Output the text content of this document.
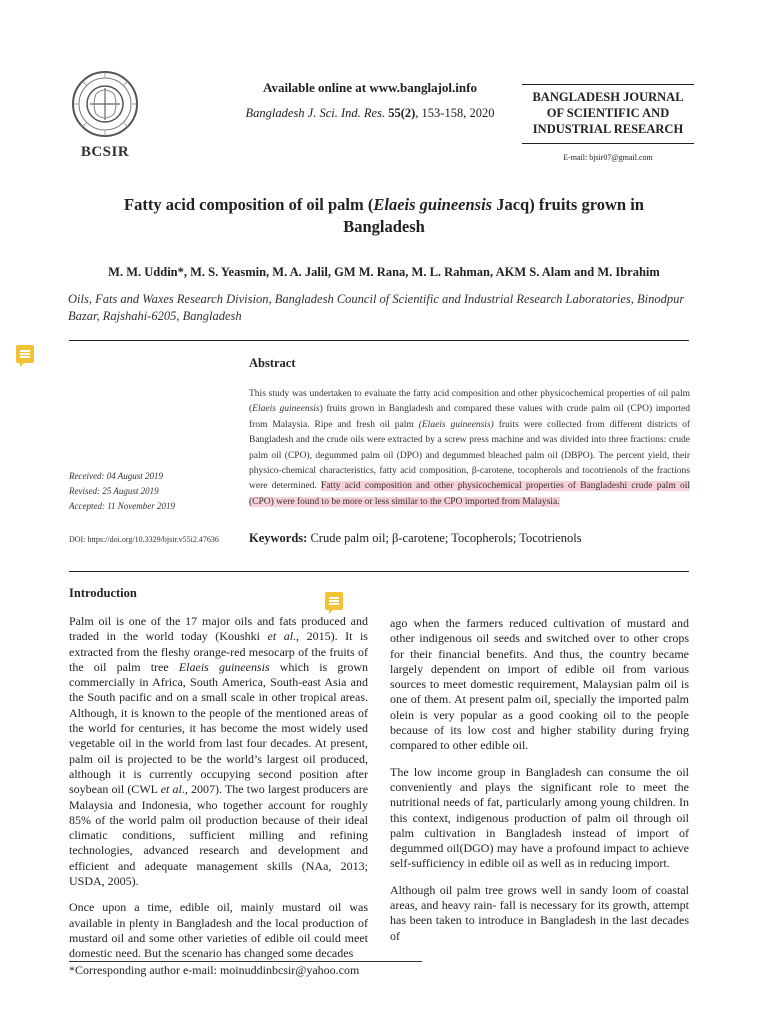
BCSIR
Available online at www.banglajol.info
Bangladesh J. Sci. Ind. Res. 55(2), 153-158, 2020
BANGLADESH JOURNAL
OF SCIENTIFIC AND
INDUSTRIAL RESEARCH
E-mail: bjsir07@gmail.com
Fatty acid composition of oil palm (Elaeis guineensis Jacq) fruits grown in
Bangladesh
M. M. Uddin*, M. S. Yeasmin, M. A. Jalil, GM M. Rana, M. L. Rahman, AKM S. Alam and M. Ibrahim
Oils, Fats and Waxes Research Division, Bangladesh Council of Scientific and Industrial Research Laboratories, Binodpur Bazar, Rajshahi-6205, Bangladesh
Abstract
This study was undertaken to evaluate the fatty acid composition and other physicochemical properties of oil palm (Elaeis guineensis) fruits grown in Bangladesh and compared these values with crude palm oil (CPO) imported from Malaysia. Ripe and fresh oil palm (Elaeis guineensis) fruits were collected from different districts of Bangladesh and the crude oils were extracted by a screw press machine and was divided into three fractions: crude palm oil (CPO), degummed palm oil (DPO) and degummed bleached palm oil (DBPO). The percent yield, their physico-chemical characteristics, fatty acid composition, β-carotene, tocopherols and tocotrienols of the fractions were determined. Fatty acid composition and other physicochemical properties of Bangladeshi crude palm oil (CPO) were found to be more or less similar to the CPO imported from Malaysia.
Received: 04 August 2019
Revised: 25 August 2019
Accepted: 11 November 2019
DOI: https://doi.org/10.3329/bjsir.v55i2.47636 Keywords: Crude palm oil; β-carotene; Tocopherols; Tocotrienols
Introduction

Palm oil is one of the 17 major oils and fats produced and traded in the world today (Koushki et al., 2015). It is extracted from the fleshy orange-red mesocarp of the fruits of the oil palm tree Elaeis guineensis which is grown commercially in Africa, South America, South-east Asia and the South pacific and on a small scale in other tropical areas. Although, it is known to the people of the mentioned areas of the world for centuries, it has become the most widely used vegetable oil in the world from last four decades. At present, palm oil is projected to be the world’s largest oil produced, although it is currently occupying second position after soybean oil (CWL et al., 2007). The two largest producers are Malaysia and Indonesia, who together account for roughly 85% of the world palm oil production because of their ideal climatic conditions, sufficient milling and refining technologies, advanced research and development and efficient and adequate management skills (NAa, 2013; USDA, 2005).

Once upon a time, edible oil, mainly mustard oil was available in plenty in Bangladesh and the local production of mustard oil and some other varieties of edible oil could meet domestic need. But the scenario has changed some decades

ago when the farmers reduced cultivation of mustard and other indigenous oil seeds and switched over to other crops for their financial benefits. And thus, the country became largely dependent on import of edible oil from various sources to meet domestic requirement, Malaysian palm oil is one of them. At present palm oil, specially the imported palm olein is very popular as a good cooking oil to the people because of its low cost and higher stability during frying compared to other edible oil.

The low income group in Bangladesh can consume the oil conveniently and plays the significant role to meet the nutritional needs of fat, particularly among young children. In this context, indigenous production of palm oil through oil palm cultivation in Bangladesh instead of import of degummed oil(DGO) may have a profound impact to achieve self-sufficiency in edible oil as well as in reducing import.

Although oil palm tree grows well in sandy loom of coastal areas, and heavy rain- fall is necessary for its growth, attempt has been taken to introduce in Bangladesh in the last decades of

*Corresponding author e-mail: moinuddinbcsir@yahoo.com
